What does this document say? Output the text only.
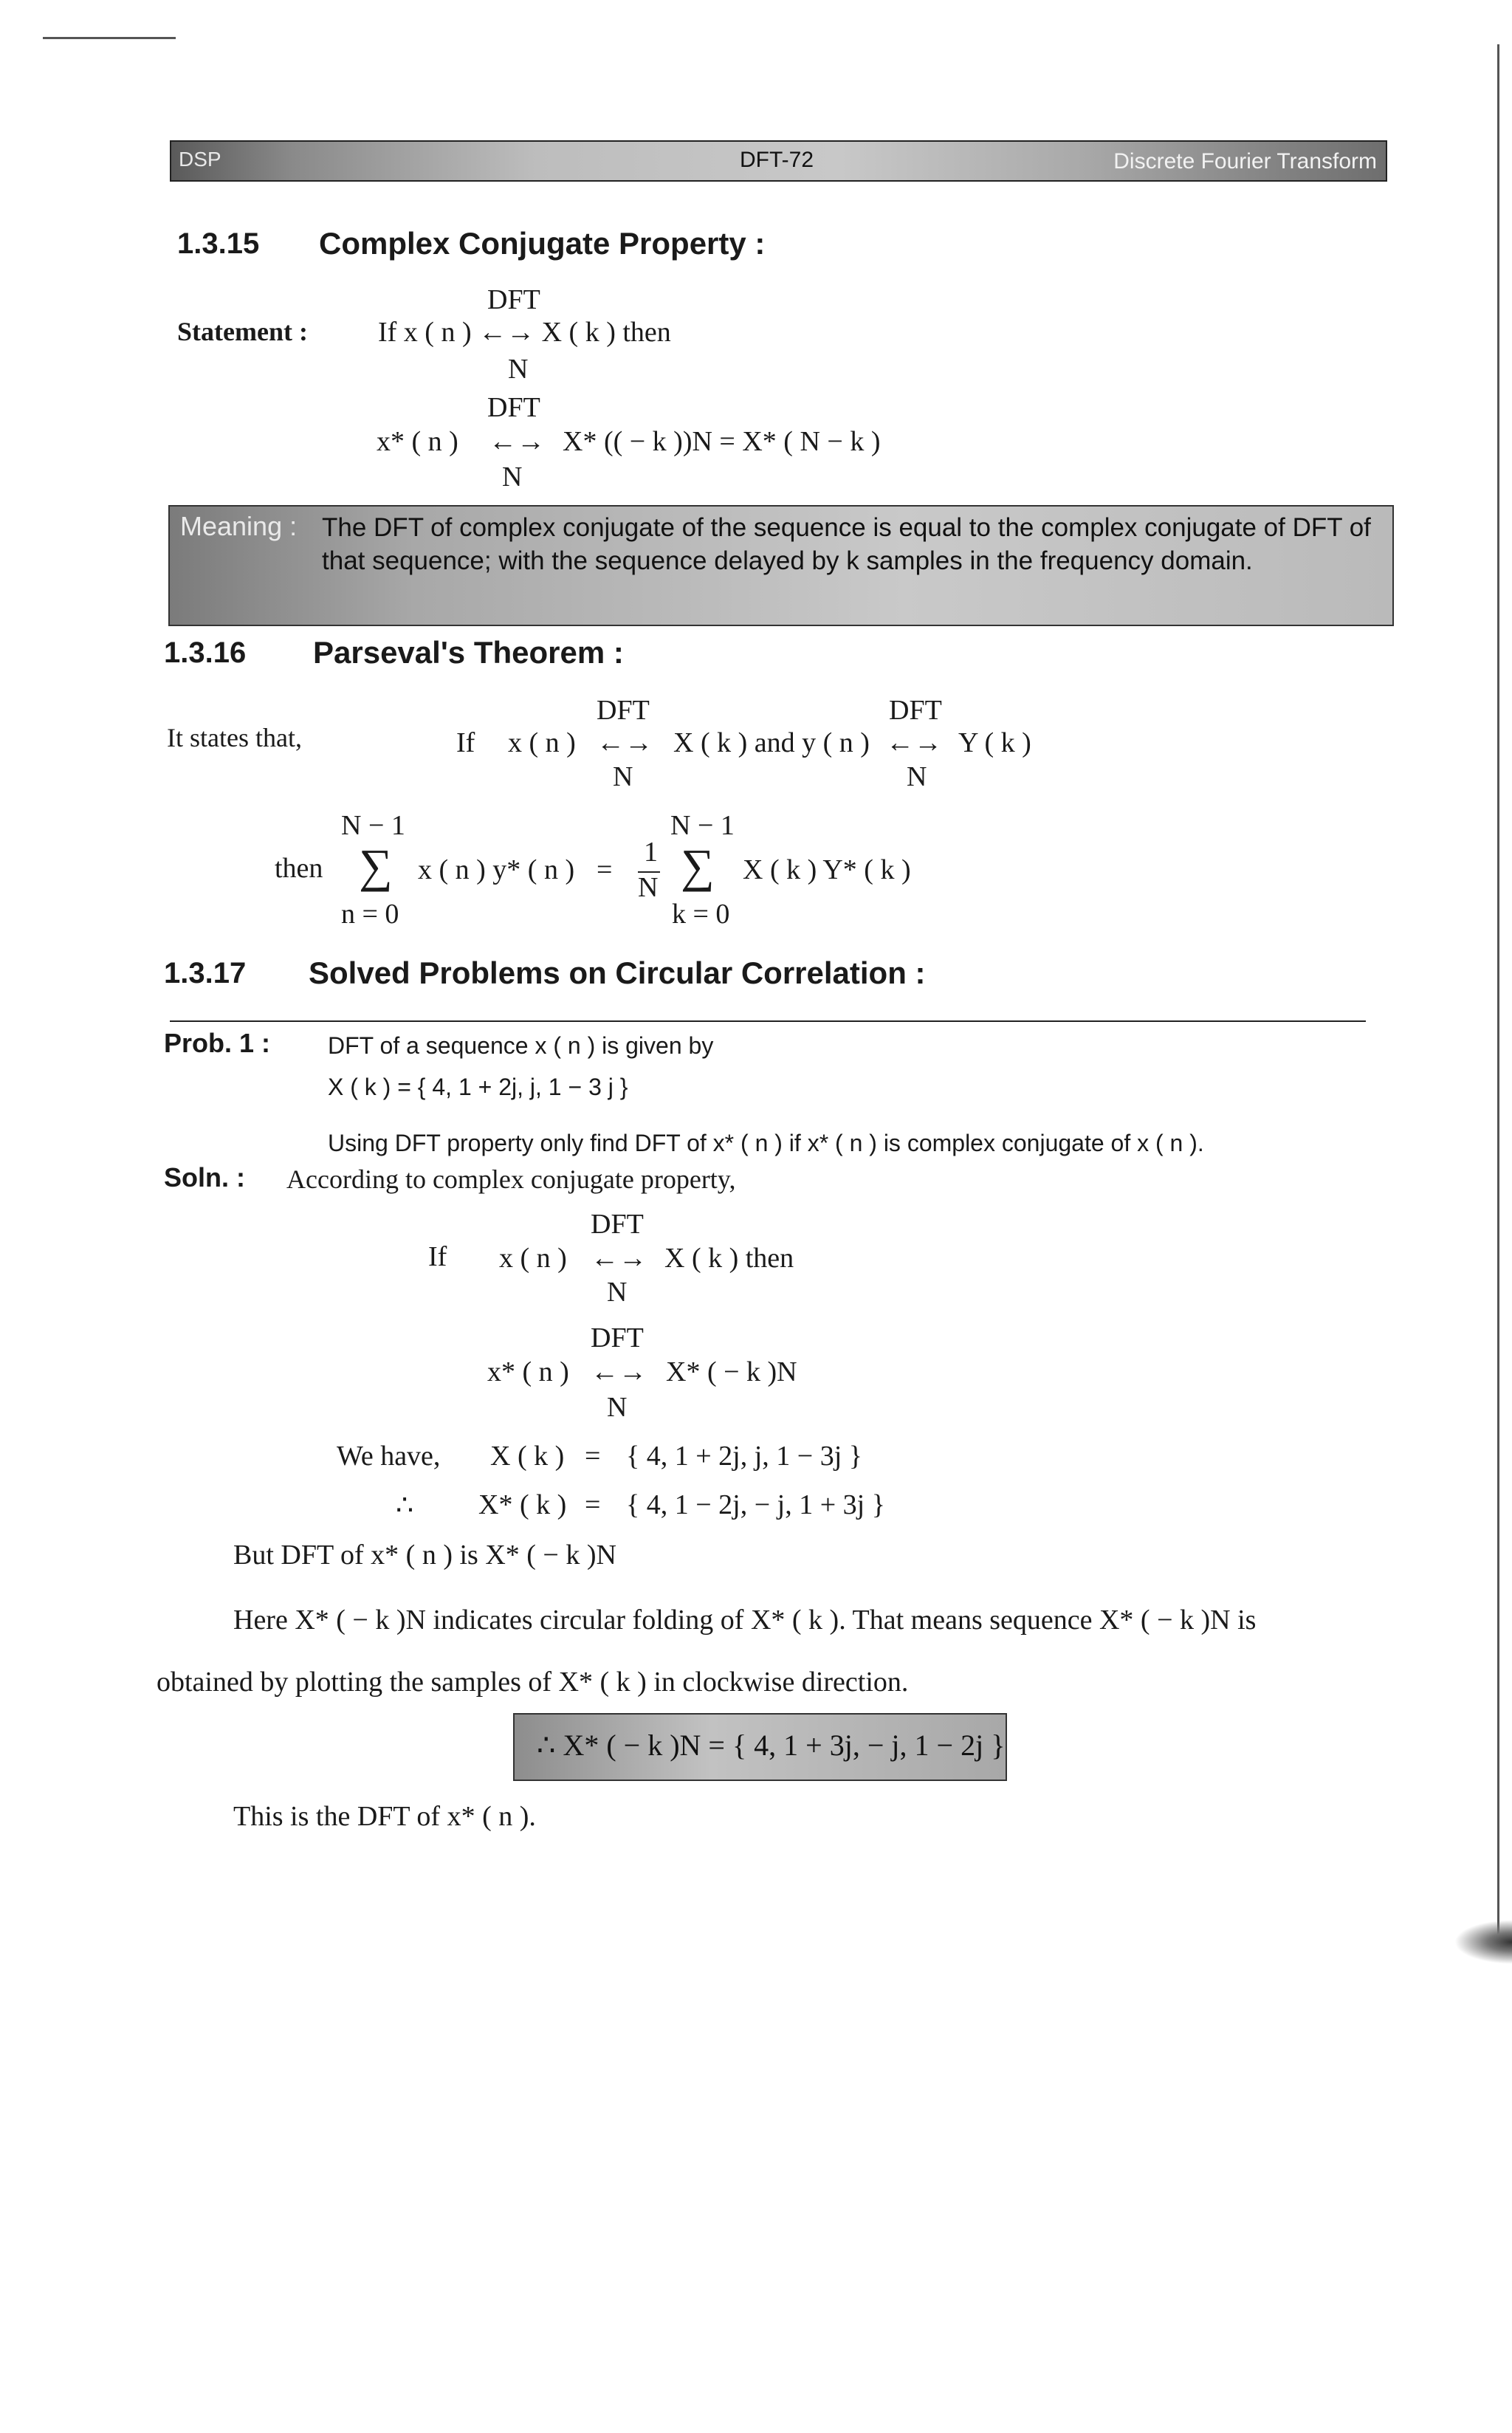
DSP	DFT-72	Discrete Fourier Transform
1.3.15 Complex Conjugate Property :
Statement :
DFT
If x ( n ) ←→ X ( k ) then
N
DFT
x* ( n ) ←→ X* (( − k ))N = X* ( N − k )
N
Meaning : The DFT of complex conjugate of the sequence is equal to the complex conjugate of DFT of that sequence; with the sequence delayed by k samples in the frequency domain.
1.3.16 Parseval's Theorem :
It states that,	If x ( n )
DFT
←→
N
X ( k ) and y ( n )
DFT
←→
N
Y ( k )
N − 1
then ∑ x ( n ) y* ( n )
n = 0
=
1
N
N − 1
∑ X ( k ) Y* ( k )
k = 0
1.3.17 Solved Problems on Circular Correlation :
Prob. 1 : DFT of a sequence x ( n ) is given by
X ( k ) = { 4, 1 + 2j, j, 1 − 3 j }
Using DFT property only find DFT of x* ( n ) if x* ( n ) is complex conjugate of x ( n ).
Soln. : According to complex conjugate property,
DFT
If x ( n ) ←→ X ( k ) then
N
DFT
x* ( n ) ←→ X* ( − k )N
N
We have, X ( k ) = { 4, 1 + 2j, j, 1 − 3j }
∴ X* ( k ) = { 4, 1 − 2j, − j, 1 + 3j }
But DFT of x* ( n ) is X* ( − k )N
Here X* ( − k )N indicates circular folding of X* ( k ). That means sequence X* ( − k )N is
obtained by plotting the samples of X* ( k ) in clockwise direction.
∴ X* ( − k )N = { 4, 1 + 3j, − j, 1 − 2j }
This is the DFT of x* ( n ).
